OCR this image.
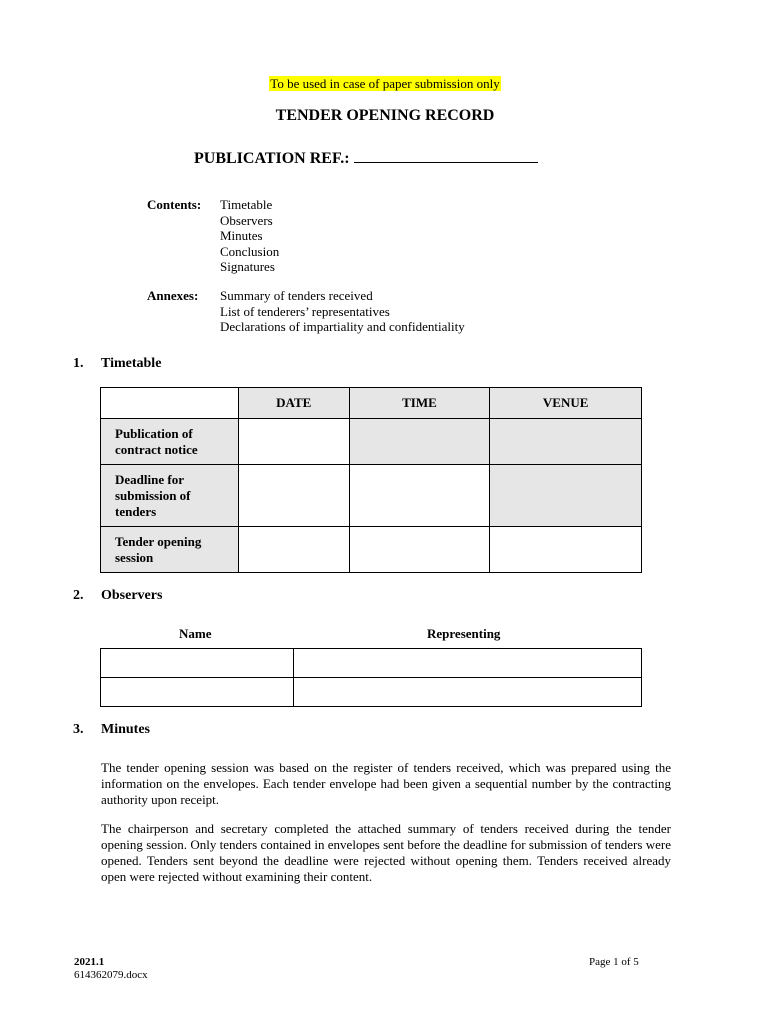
To be used in case of paper submission only
TENDER OPENING RECORD
PUBLICATION REF.:
Contents: Timetable
Observers
Minutes
Conclusion
Signatures
Annexes: Summary of tenders received
List of tenderers’ representatives
Declarations of impartiality and confidentiality
1. Timetable
	DATE	TIME	VENUE
Publication of contract notice			
Deadline for submission of tenders			
Tender opening session			
2. Observers
Name	Representing

3. Minutes
The tender opening session was based on the register of tenders received, which was prepared using the information on the envelopes. Each tender envelope had been given a sequential number by the contracting authority upon receipt.
The chairperson and secretary completed the attached summary of tenders received during the tender opening session. Only tenders contained in envelopes sent before the deadline for submission of tenders were opened. Tenders sent beyond the deadline were rejected without opening them. Tenders received already open were rejected without examining their content.
2021.1
614362079.docx
Page 1 of 5
